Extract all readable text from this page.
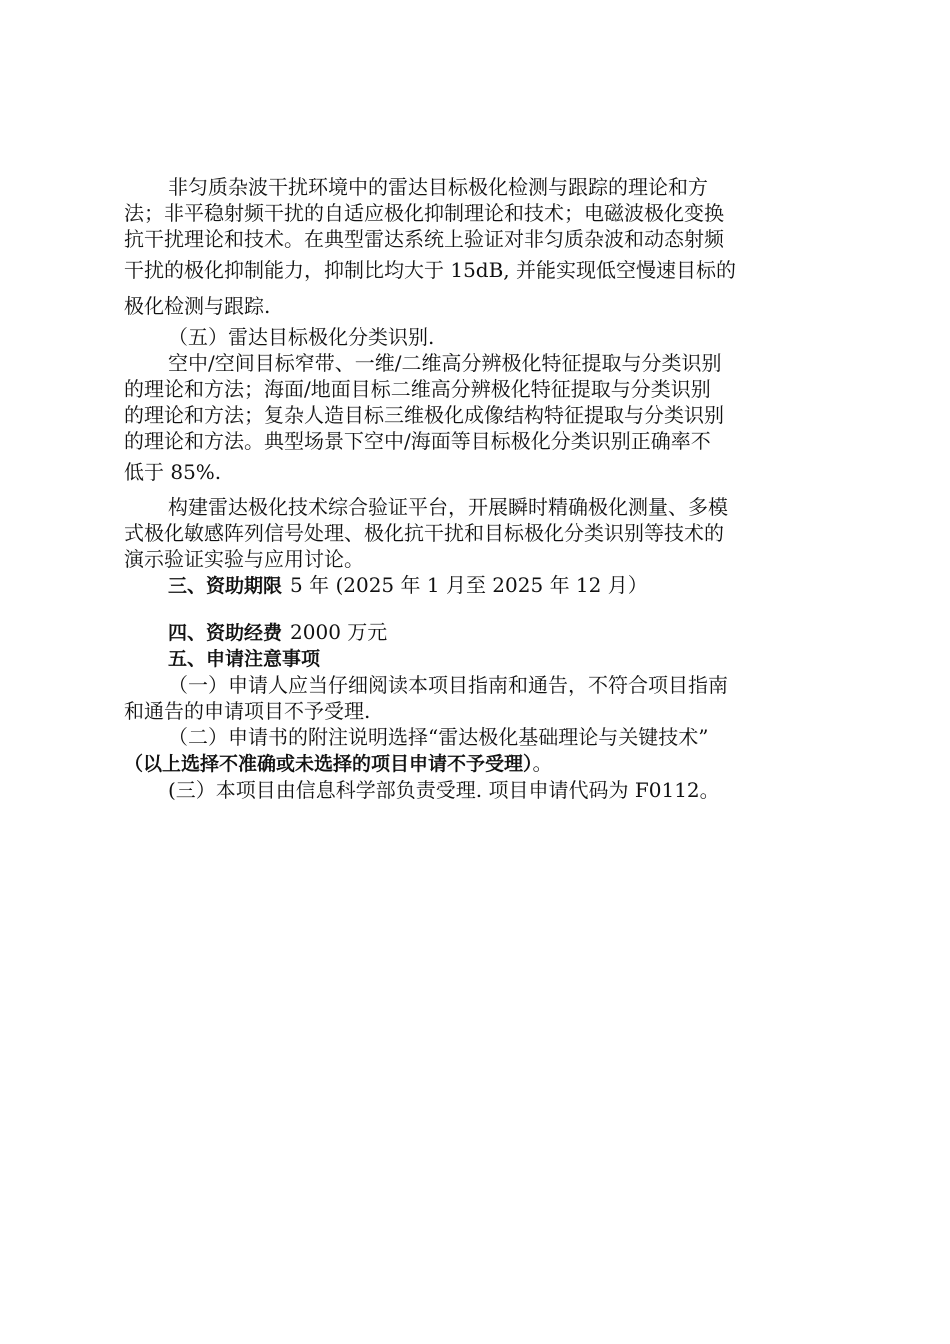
非匀质杂波干扰环境中的雷达目标极化检测与跟踪的理论和方

法；非平稳射频干扰的自适应极化抑制理论和技术；电磁波极化变换

抗干扰理论和技术。在典型雷达系统上验证对非匀质杂波和动态射频

干扰的极化抑制能力，抑制比均大于 15dB, 并能实现低空慢速目标的

极化检测与跟踪.

（五）雷达目标极化分类识别.

空中/空间目标窄带、一维/二维高分辨极化特征提取与分类识别

的理论和方法；海面/地面目标二维高分辨极化特征提取与分类识别

的理论和方法；复杂人造目标三维极化成像结构特征提取与分类识别

的理论和方法。典型场景下空中/海面等目标极化分类识别正确率不

低于 85%.

构建雷达极化技术综合验证平台，开展瞬时精确极化测量、多模

式极化敏感阵列信号处理、极化抗干扰和目标极化分类识别等技术的

演示验证实验与应用讨论。

三、资助期限 5 年 (2025 年 1 月至 2025 年 12 月）

四、资助经费 2000 万元

五、申请注意事项

（一）申请人应当仔细阅读本项目指南和通告，不符合项目指南

和通告的申请项目不予受理.

（二）申请书的附注说明选择“雷达极化基础理论与关键技术”

（以上选择不准确或未选择的项目申请不予受理）。

(三）本项目由信息科学部负责受理. 项目申请代码为 F0112。
